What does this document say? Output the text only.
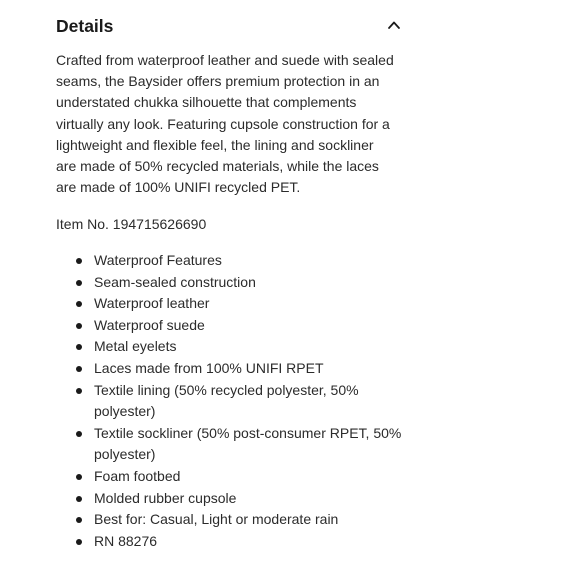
Details
Crafted from waterproof leather and suede with sealed
seams, the Baysider offers premium protection in an
understated chukka silhouette that complements
virtually any look. Featuring cupsole construction for a
lightweight and flexible feel, the lining and sockliner
are made of 50% recycled materials, while the laces
are made of 100% UNIFI recycled PET.
Item No. 194715626690
Waterproof Features
Seam-sealed construction
Waterproof leather
Waterproof suede
Metal eyelets
Laces made from 100% UNIFI RPET
Textile lining (50% recycled polyester, 50%
polyester)
Textile sockliner (50% post-consumer RPET, 50%
polyester)
Foam footbed
Molded rubber cupsole
Best for: Casual, Light or moderate rain
RN 88276
